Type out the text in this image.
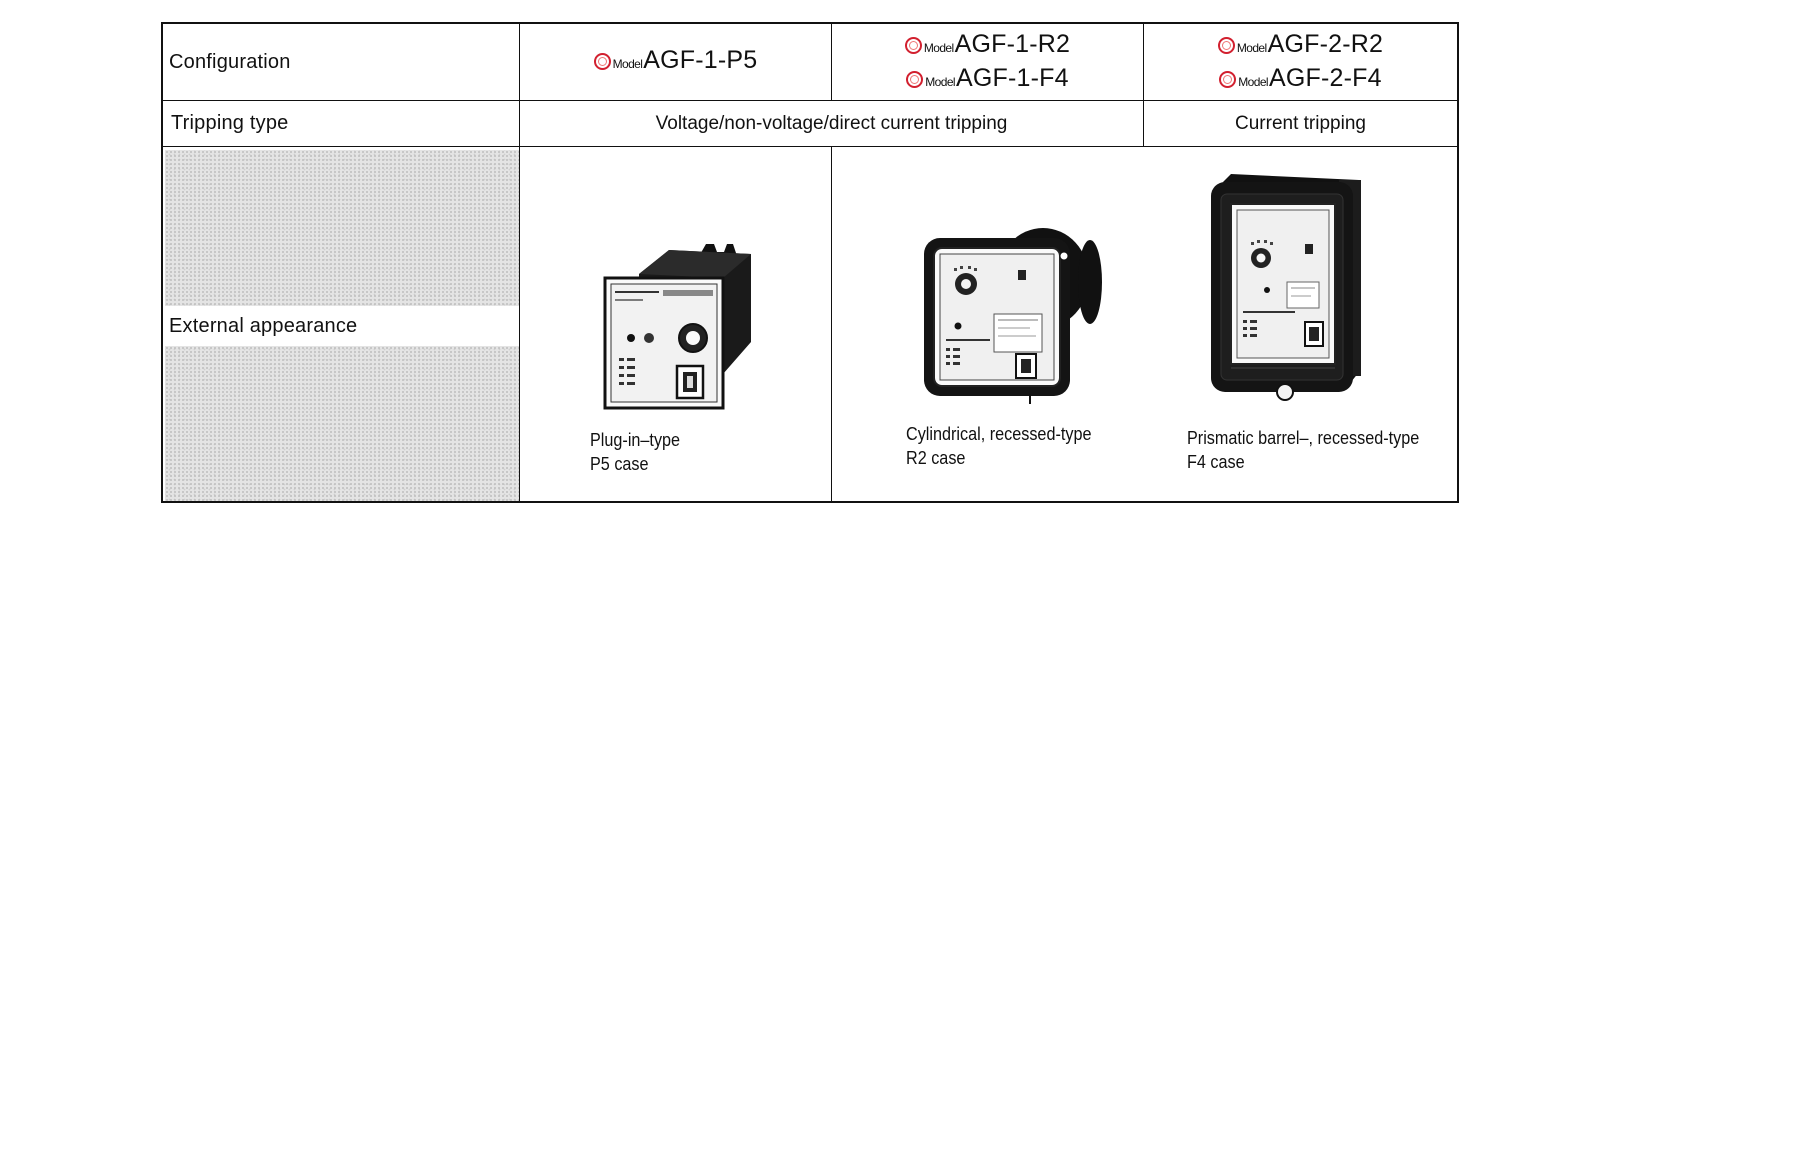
Configuration
Tripping type
External appearance
Model AGF-1-P5	Model AGF-1-R2
Model AGF-1-F4
Model AGF-2-R2
Model AGF-2-F4
Voltage/non-voltage/direct current tripping	Current tripping
Plug-in–type
P5 case
Cylindrical, recessed-type
R2 case
Prismatic barrel–, recessed-type
F4 case
